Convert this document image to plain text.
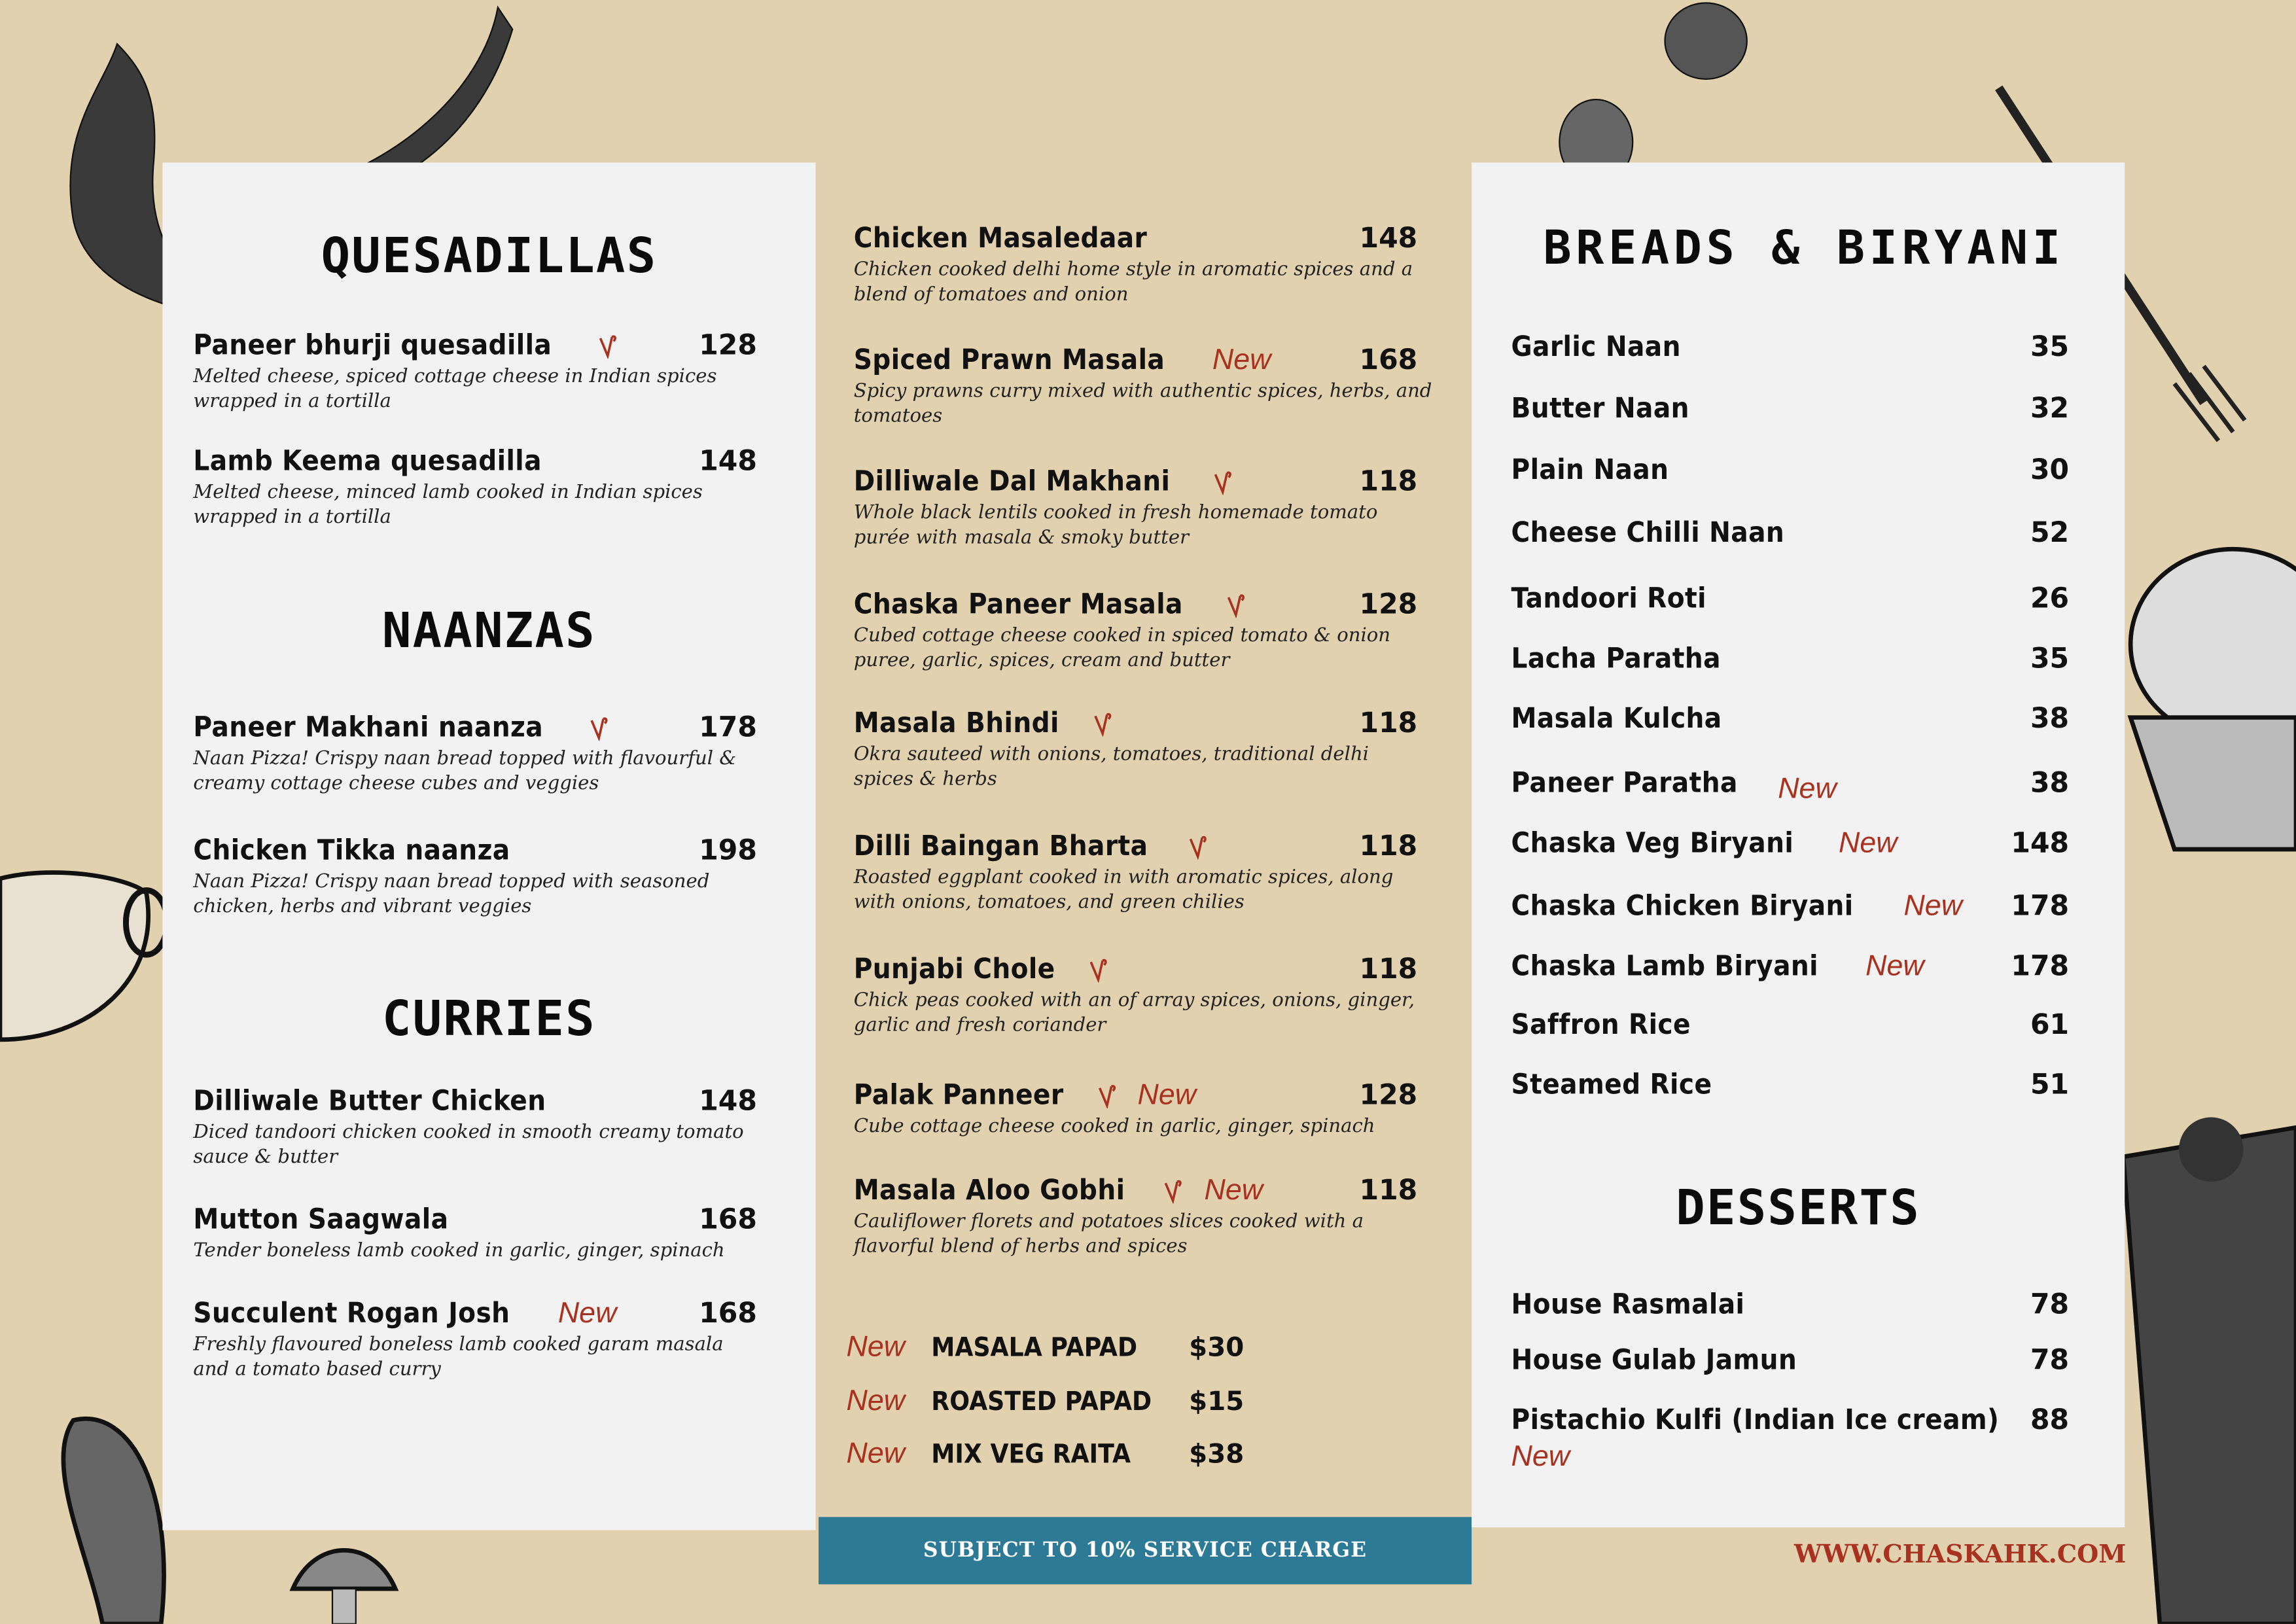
QUESADILLAS
NAANZAS
CURRIES
Paneer bhurji quesadilla	128
Melted cheese, spiced cottage cheese in Indian spices wrapped in a tortilla
Lamb Keema quesadilla	148
Melted cheese, minced lamb cooked in Indian spices wrapped in a tortilla
Paneer Makhani naanza	178
Naan Pizza! Crispy naan bread topped with flavourful & creamy cottage cheese cubes and veggies
Chicken Tikka naanza	198
Naan Pizza! Crispy naan bread topped with seasoned chicken, herbs and vibrant veggies
Dilliwale Butter Chicken	148
Diced tandoori chicken cooked in smooth creamy tomato sauce & butter
Mutton Saagwala	168
Tender boneless lamb cooked in garlic, ginger, spinach
Succulent Rogan Josh	New	168
Freshly flavoured boneless lamb cooked garam masala and a tomato based curry
Chicken Masaledaar	148
Chicken cooked delhi home style in aromatic spices and a blend of tomatoes and onion
Spiced Prawn Masala	New	168
Spicy prawns curry mixed with authentic spices, herbs, and tomatoes
Dilliwale Dal Makhani	118
Whole black lentils cooked in fresh homemade tomato purée with masala & smoky butter
Chaska Paneer Masala	128
Cubed cottage cheese cooked in spiced tomato & onion puree, garlic, spices, cream and butter
Masala Bhindi	118
Okra sauteed with onions, tomatoes, traditional delhi spices & herbs
Dilli Baingan Bharta	118
Roasted eggplant cooked in with aromatic spices, along with onions, tomatoes, and green chilies
Punjabi Chole	118
Chick peas cooked with an of array spices, onions, ginger, garlic and fresh coriander
Palak Panneer	New	128
Cube cottage cheese cooked in garlic, ginger, spinach
Masala Aloo Gobhi	New	118
Cauliflower florets and potatoes slices cooked with a flavorful blend of herbs and spices
New	MASALA PAPAD	$30
New	ROASTED PAPAD	$15
New	MIX VEG RAITA	$38
SUBJECT TO 10% SERVICE CHARGE
BREADS & BIRYANI
DESSERTS
Garlic Naan	35
Butter Naan	32
Plain Naan	30
Cheese Chilli Naan	52
Tandoori Roti	26
Lacha Paratha	35
Masala Kulcha	38
Paneer Paratha	New	38
Chaska Veg Biryani	New	148
Chaska Chicken Biryani	New	178
Chaska Lamb Biryani	New	178
Saffron Rice	61
Steamed Rice	51
House Rasmalai	78
House Gulab Jamun	78
Pistachio Kulfi (Indian Ice cream)	88
New
WWW.CHASKAHK.COM
